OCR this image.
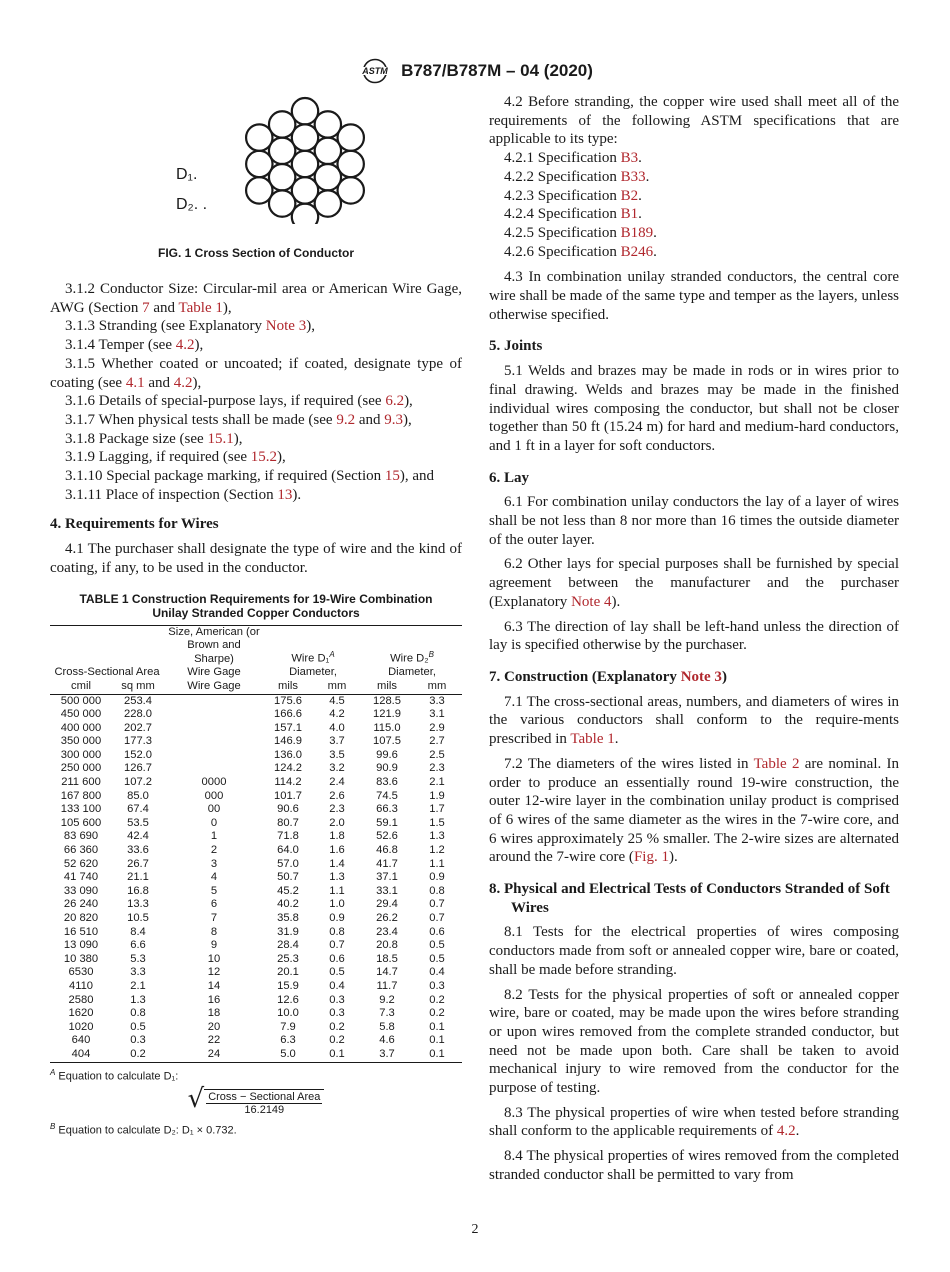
ASTM B787/B787M – 04 (2020)
D₁.
D₂. .

FIG. 1 Cross Section of Conductor

3.1.2 Conductor Size: Circular-mil area or American Wire Gage, AWG (Section 7 and Table 1),

3.1.3 Stranding (see Explanatory Note 3),

3.1.4 Temper (see 4.2),

3.1.5 Whether coated or uncoated; if coated, designate type of coating (see 4.1 and 4.2),

3.1.6 Details of special-purpose lays, if required (see 6.2),

3.1.7 When physical tests shall be made (see 9.2 and 9.3),

3.1.8 Package size (see 15.1),

3.1.9 Lagging, if required (see 15.2),

3.1.10 Special package marking, if required (Section 15), and

3.1.11 Place of inspection (Section 13).

4. Requirements for Wires

4.1 The purchaser shall designate the type of wire and the kind of coating, if any, to be used in the conductor.

TABLE 1 Construction Requirements for 19-Wire Combination

Unilay Stranded Copper Conductors

Cross-Sectional Area		Size, American (or
Brown and
Sharpe)
Wire Gage	Wire D₁$^A$
Diameter,		Wire D₂$^B$
Diameter,	
cmil	sq mm	Wire Gage	mils	mm	mils	mm
500 000	253.4		175.6	4.5	128.5	3.3
450 000	228.0		166.6	4.2	121.9	3.1
400 000	202.7		157.1	4.0	115.0	2.9
350 000	177.3		146.9	3.7	107.5	2.7
300 000	152.0		136.0	3.5	99.6	2.5
250 000	126.7		124.2	3.2	90.9	2.3
211 600	107.2	0000	114.2	2.4	83.6	2.1
167 800	85.0	000	101.7	2.6	74.5	1.9
133 100	67.4	00	90.6	2.3	66.3	1.7
105 600	53.5	0	80.7	2.0	59.1	1.5
83 690	42.4	1	71.8	1.8	52.6	1.3
66 360	33.6	2	64.0	1.6	46.8	1.2
52 620	26.7	3	57.0	1.4	41.7	1.1
41 740	21.1	4	50.7	1.3	37.1	0.9
33 090	16.8	5	45.2	1.1	33.1	0.8
26 240	13.3	6	40.2	1.0	29.4	0.7
20 820	10.5	7	35.8	0.9	26.2	0.7
16 510	8.4	8	31.9	0.8	23.4	0.6
13 090	6.6	9	28.4	0.7	20.8	0.5
10 380	5.3	10	25.3	0.6	18.5	0.5
6530	3.3	12	20.1	0.5	14.7	0.4
4110	2.1	14	15.9	0.4	11.7	0.3
2580	1.3	16	12.6	0.3	9.2	0.2
1620	0.8	18	10.0	0.3	7.3	0.2
1020	0.5	20	7.9	0.2	5.8	0.1
640	0.3	22	6.3	0.2	4.6	0.1
404	0.2	24	5.0	0.1	3.7	0.1

$^A$ Equation to calculate D₁:

√ Cross − Sectional Area
16.2149

$^B$ Equation to calculate D₂: D₁ × 0.732.

4.2 Before stranding, the copper wire used shall meet all of the requirements of the following ASTM specifications that are applicable to its type:

4.2.1 Specification B3.

4.2.2 Specification B33.

4.2.3 Specification B2.

4.2.4 Specification B1.

4.2.5 Specification B189.

4.2.6 Specification B246.

4.3 In combination unilay stranded conductors, the central core wire shall be made of the same type and temper as the layers, unless otherwise specified.

5. Joints

5.1 Welds and brazes may be made in rods or in wires prior to final drawing. Welds and brazes may be made in the finished individual wires composing the conductor, but shall not be closer together than 50 ft (15.24 m) for hard and medium-hard conductors, and 1 ft in a layer for soft conductors.

6. Lay

6.1 For combination unilay conductors the lay of a layer of wires shall be not less than 8 nor more than 16 times the outside diameter of the outer layer.

6.2 Other lays for special purposes shall be furnished by special agreement between the manufacturer and the purchaser (Explanatory Note 4).

6.3 The direction of lay shall be left-hand unless the direction of lay is specified otherwise by the purchaser.

7. Construction (Explanatory Note 3)

7.1 The cross-sectional areas, numbers, and diameters of wires in the various conductors shall conform to the require-ments prescribed in Table 1.

7.2 The diameters of the wires listed in Table 2 are nominal. In order to produce an essentially round 19-wire construction, the outer 12-wire layer in the combination unilay product is comprised of 6 wires of the same diameter as the wires in the 7-wire core, and 6 wires approximately 25 % smaller. The 2-wire sizes are alternated around the 7-wire core (Fig. 1).

8. Physical and Electrical Tests of Conductors Stranded of Soft Wires

8.1 Tests for the electrical properties of wires composing conductors made from soft or annealed copper wire, bare or coated, shall be made before stranding.

8.2 Tests for the physical properties of soft or annealed copper wire, bare or coated, may be made upon the wires before stranding or upon wires removed from the complete stranded conductor, but need not be made upon both. Care shall be taken to avoid mechanical injury to wire removed from the conductor for the purpose of testing.

8.3 The physical properties of wire when tested before stranding shall conform to the applicable requirements of 4.2.

8.4 The physical properties of wires removed from the completed stranded conductor shall be permitted to vary from

2
